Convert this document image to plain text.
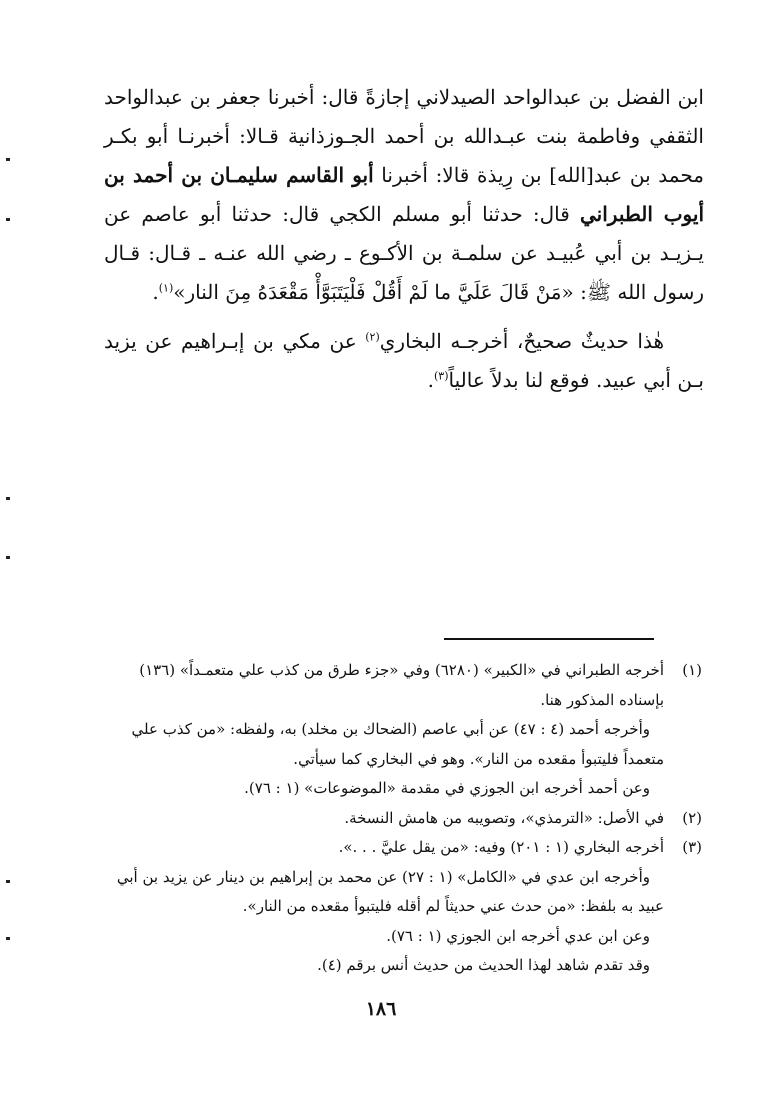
ابن الفضل بن عبدالواحد الصيدلاني إجازةً قال: أخبرنا جعفر بن عبدالواحد الثقفي وفاطمة بنت عبـدالله بن أحمد الجـوزذانية قـالا: أخبرنـا أبو بكـر محمد بن عبد[الله] بن رِيذة قالا: أخبرنا أبو القاسم سليمـان بن أحمد بن أيوب الطبراني قال: حدثنا أبو مسلم الكجي قال: حدثنا أبو عاصم عن يـزيـد بن أبي عُبيـد عن سلمـة بن الأكـوع ـ رضي الله عنـه ـ قـال: قـال رسول الله ﷺ: «مَنْ قَالَ عَلَيَّ ما لَمْ أَقُلْ فَلْيَتَبَوَّأْ مَقْعَدَهُ مِنَ النار»$^{(١)}$.

هٰذا حديثٌ صحيحٌ، أخرجـه البخاري$^{(٢)}$ عن مكي بن إبـراهيم عن يزيد بـن أبي عبيد. فوقع لنا بدلاً عالياً$^{(٣)}$.

(١)
أخرجه الطبراني في «الكبير» (٦٢٨٠) وفي «جزء طرق من كذب علي متعمـداً» (١٣٦) بإسناده المذكور هنا.

وأخرجه أحمد (٤ : ٤٧) عن أبي عاصم (الضحاك بن مخلد) به، ولفظه: «من كذب علي متعمداً فليتبوأ مقعده من النار». وهو في البخاري كما سيأتي.

وعن أحمد أخرجه ابن الجوزي في مقدمة «الموضوعات» (١ : ٧٦).

(٢)
في الأصل: «الترمذي»، وتصويبه من هامش النسخة.
(٣)
أخرجه البخاري (١ : ٢٠١) وفيه: «من يقل عليَّ . . .».

وأخرجه ابن عدي في «الكامل» (١ : ٢٧) عن محمد بن إبراهيم بن دينار عن يزيد بن أبي عبيد به بلفظ: «من حدث عني حديثاً لم أقله فليتبوأ مقعده من النار».

وعن ابن عدي أخرجه ابن الجوزي (١ : ٧٦).

وقد تقدم شاهد لهذا الحديث من حديث أنس برقم (٤).

١٨٦
